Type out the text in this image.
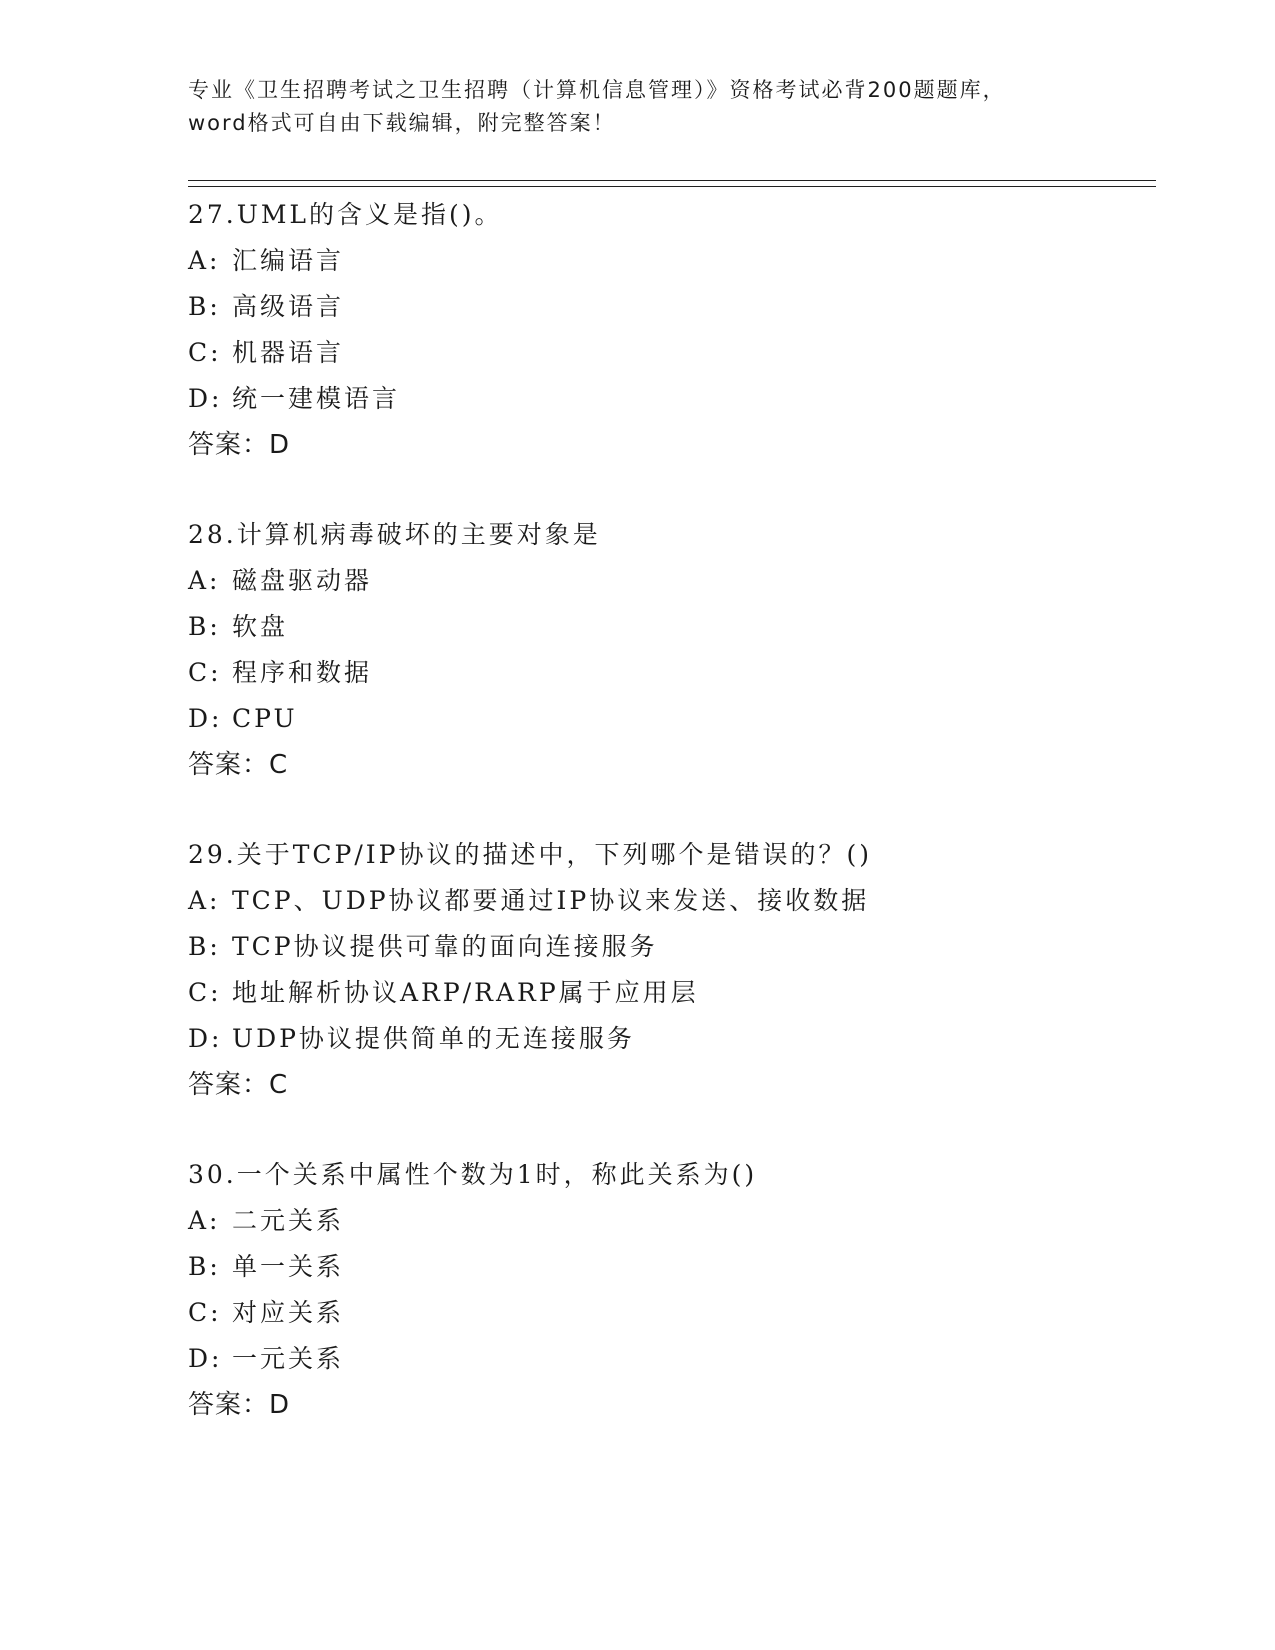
专业《卫生招聘考试之卫生招聘（计算机信息管理）》资格考试必背200题题库，
word格式可自由下载编辑，附完整答案！
27.UML的含义是指()。
A: 汇编语言
B: 高级语言
C: 机器语言
D: 统一建模语言
答案：D
28.计算机病毒破坏的主要对象是
A: 磁盘驱动器
B: 软盘
C: 程序和数据
D: CPU
答案：C
29.关于TCP/IP协议的描述中，下列哪个是错误的？()
A: TCP、UDP协议都要通过IP协议来发送、接收数据
B: TCP协议提供可靠的面向连接服务
C: 地址解析协议ARP/RARP属于应用层
D: UDP协议提供简单的无连接服务
答案：C
30.一个关系中属性个数为1时，称此关系为()
A: 二元关系
B: 单一关系
C: 对应关系
D: 一元关系
答案：D
